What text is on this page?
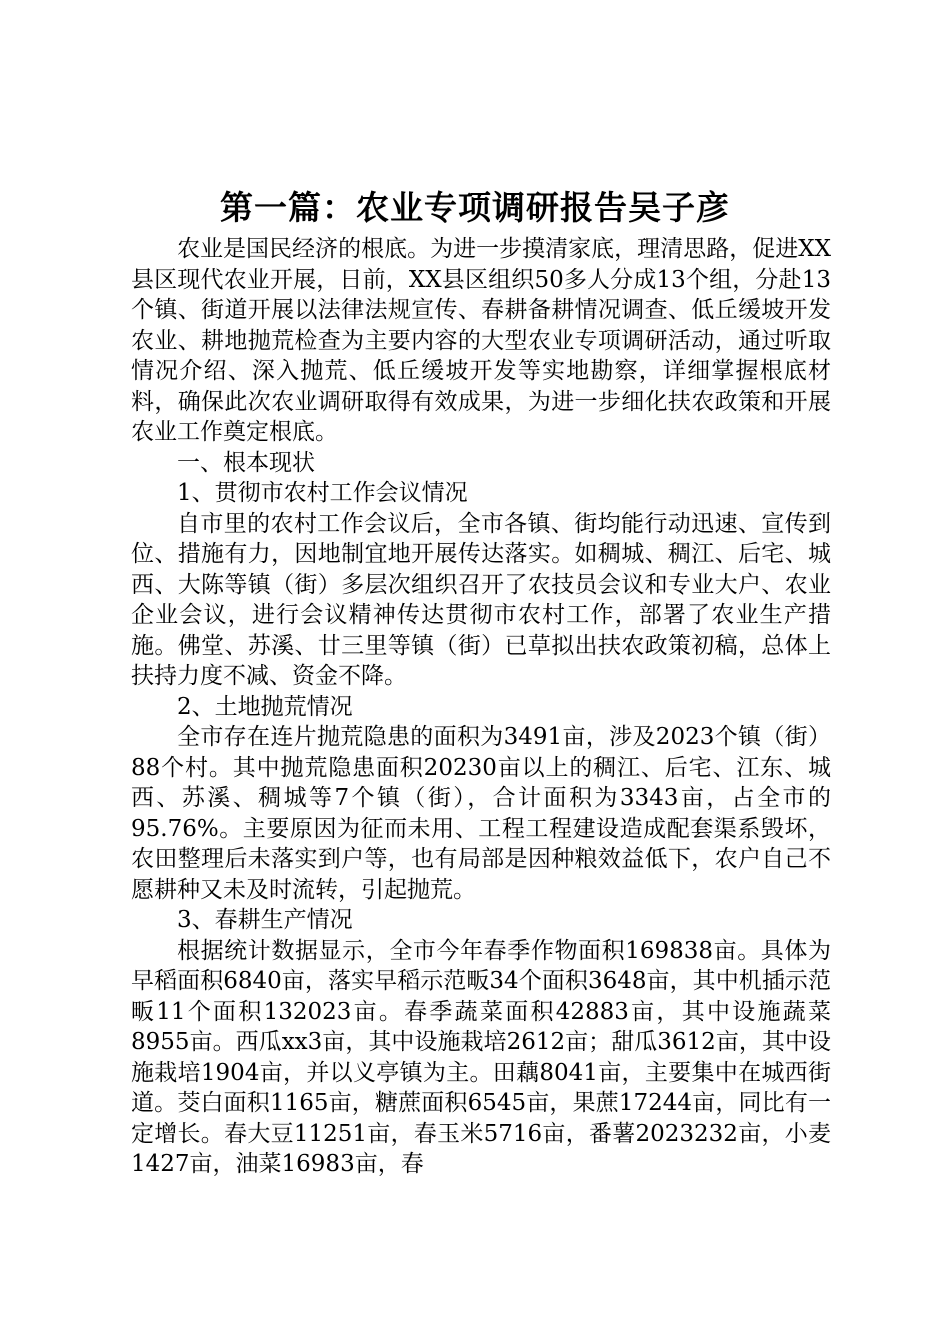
第一篇：农业专项调研报告吴子彦

农业是国民经济的根底。为进一步摸清家底，理清思路，促进XX县区现代农业开展，日前，XX县区组织50多人分成13个组，分赴13个镇、街道开展以法律法规宣传、春耕备耕情况调查、低丘缓坡开发农业、耕地抛荒检查为主要内容的大型农业专项调研活动，通过听取情况介绍、深入抛荒、低丘缓坡开发等实地勘察，详细掌握根底材料，确保此次农业调研取得有效成果，为进一步细化扶农政策和开展农业工作奠定根底。

一、根本现状

1、贯彻市农村工作会议情况

自市里的农村工作会议后，全市各镇、街均能行动迅速、宣传到位、措施有力，因地制宜地开展传达落实。如稠城、稠江、后宅、城西、大陈等镇（街）多层次组织召开了农技员会议和专业大户、农业企业会议，进行会议精神传达贯彻市农村工作，部署了农业生产措施。佛堂、苏溪、廿三里等镇（街）已草拟出扶农政策初稿，总体上扶持力度不减、资金不降。

2、土地抛荒情况

全市存在连片抛荒隐患的面积为3491亩，涉及2023个镇（街）88个村。其中抛荒隐患面积20230亩以上的稠江、后宅、江东、城西、苏溪、稠城等7个镇（街），合计面积为3343亩，占全市的95.76%。主要原因为征而未用、工程工程建设造成配套渠系毁坏，农田整理后未落实到户等，也有局部是因种粮效益低下，农户自己不愿耕种又未及时流转，引起抛荒。

3、春耕生产情况

根据统计数据显示，全市今年春季作物面积169838亩。具体为早稻面积6840亩，落实早稻示范畈34个面积3648亩，其中机插示范畈11个面积132023亩。春季蔬菜面积42883亩，其中设施蔬菜8955亩。西瓜xx3亩，其中设施栽培2612亩；甜瓜3612亩，其中设施栽培1904亩，并以义亭镇为主。田藕8041亩，主要集中在城西街道。茭白面积1165亩，糖蔗面积6545亩，果蔗17244亩，同比有一定增长。春大豆11251亩，春玉米5716亩，番薯2023232亩，小麦1427亩，油菜16983亩，春
